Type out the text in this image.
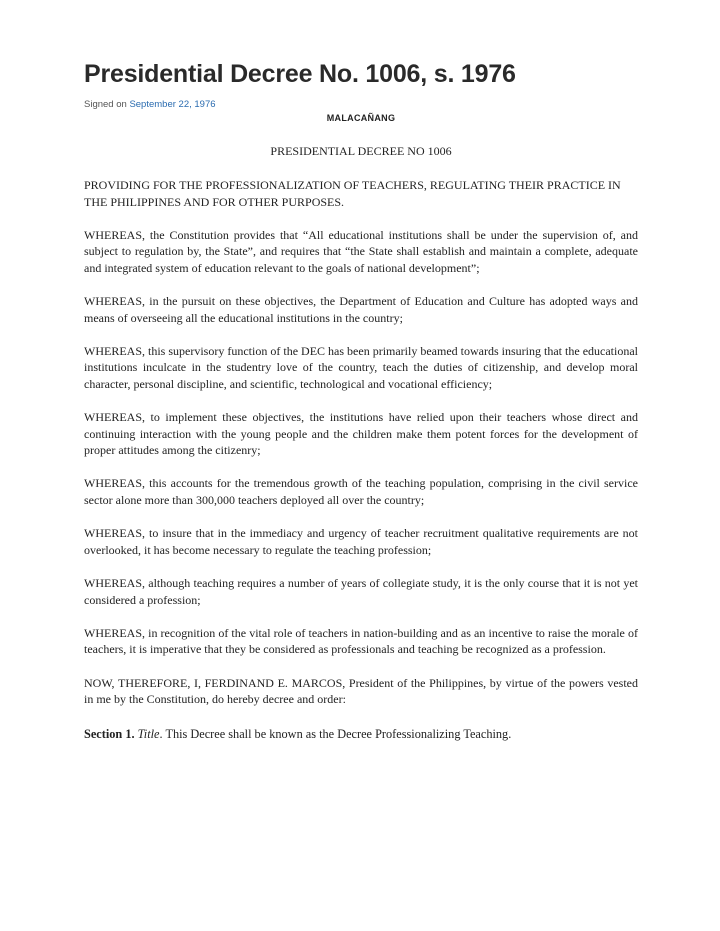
Presidential Decree No. 1006, s. 1976
Signed on September 22, 1976
MALACAÑANG
PRESIDENTIAL DECREE NO 1006
PROVIDING FOR THE PROFESSIONALIZATION OF TEACHERS, REGULATING THEIR PRACTICE IN THE PHILIPPINES AND FOR OTHER PURPOSES.
WHEREAS, the Constitution provides that “All educational institutions shall be under the supervision of, and subject to regulation by, the State”, and requires that “the State shall establish and maintain a complete, adequate and integrated system of education relevant to the goals of national development”;
WHEREAS, in the pursuit on these objectives, the Department of Education and Culture has adopted ways and means of overseeing all the educational institutions in the country;
WHEREAS, this supervisory function of the DEC has been primarily beamed towards insuring that the educational institutions inculcate in the studentry love of the country, teach the duties of citizenship, and develop moral character, personal discipline, and scientific, technological and vocational efficiency;
WHEREAS, to implement these objectives, the institutions have relied upon their teachers whose direct and continuing interaction with the young people and the children make them potent forces for the development of proper attitudes among the citizenry;
WHEREAS, this accounts for the tremendous growth of the teaching population, comprising in the civil service sector alone more than 300,000 teachers deployed all over the country;
WHEREAS, to insure that in the immediacy and urgency of teacher recruitment qualitative requirements are not overlooked, it has become necessary to regulate the teaching profession;
WHEREAS, although teaching requires a number of years of collegiate study, it is the only course that it is not yet considered a profession;
WHEREAS, in recognition of the vital role of teachers in nation-building and as an incentive to raise the morale of teachers, it is imperative that they be considered as professionals and teaching be recognized as a profession.
NOW, THEREFORE, I, FERDINAND E. MARCOS, President of the Philippines, by virtue of the powers vested in me by the Constitution, do hereby decree and order:
Section 1. Title. This Decree shall be known as the Decree Professionalizing Teaching.
